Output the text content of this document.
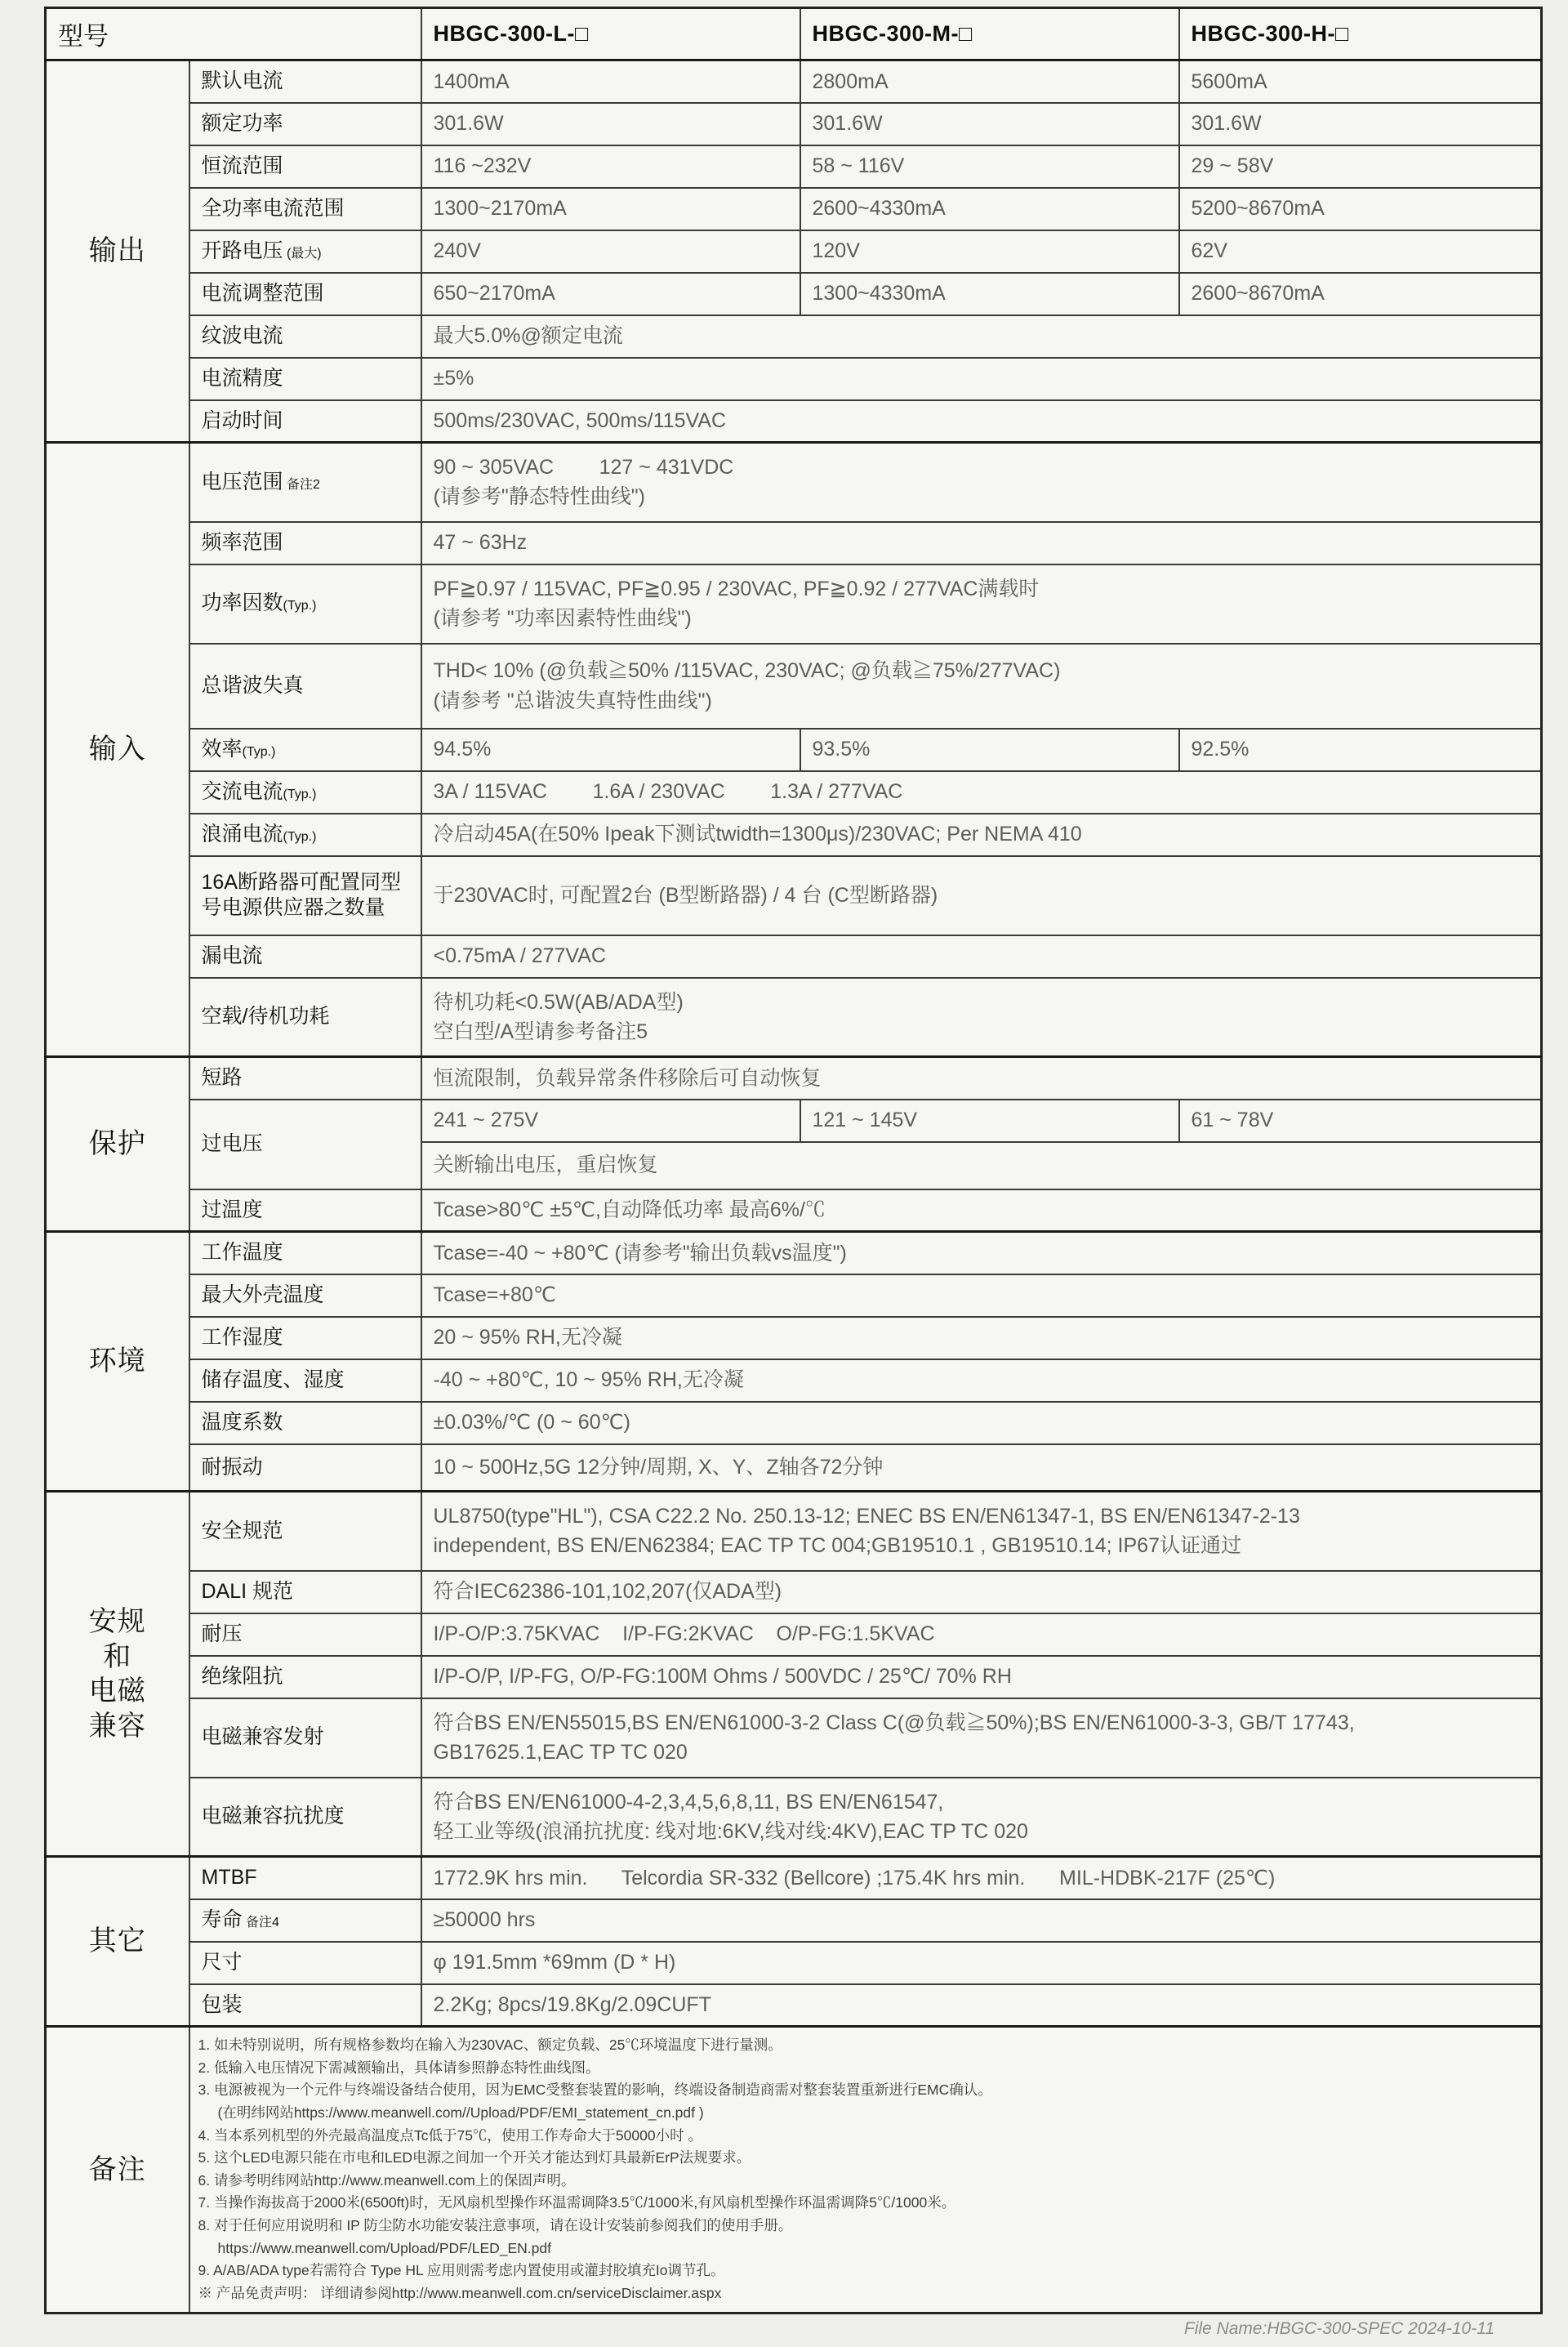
型号		HBGC-300-L-□	HBGC-300-M-□	HBGC-300-H-□
输出	默认电流	1400mA	2800mA	5600mA
	额定功率	301.6W	301.6W	301.6W
	恒流范围	116 ~232V	58 ~ 116V	29 ~ 58V
	全功率电流范围	1300~2170mA	2600~4330mA	5200~8670mA
	开路电压 (最大)	240V	120V	62V
	电流调整范围	650~2170mA	1300~4330mA	2600~8670mA
	纹波电流	最大5.0%@额定电流		
	电流精度	±5%		
	启动时间	500ms/230VAC, 500ms/115VAC		
输入	电压范围 备注2	90 ~ 305VAC        127 ~ 431VDC
(请参考"静态特性曲线")		
	频率范围	47 ~ 63Hz		
	功率因数(Typ.)	PF≧0.97 / 115VAC, PF≧0.95 / 230VAC, PF≧0.92 / 277VAC满载时
(请参考 "功率因素特性曲线")		
	总谐波失真	THD< 10% (@负载≧50% /115VAC, 230VAC; @负载≧75%/277VAC)
(请参考 "总谐波失真特性曲线")		
	效率(Typ.)	94.5%	93.5%	92.5%
	交流电流(Typ.)	3A / 115VAC        1.6A / 230VAC        1.3A / 277VAC		
	浪涌电流(Typ.)	冷启动45A(在50% Ipeak下测试twidth=1300μs)/230VAC; Per NEMA 410		
	16A断路器可配置同型号电源供应器之数量	于230VAC时, 可配置2台 (B型断路器) / 4 台 (C型断路器)		
	漏电流	<0.75mA / 277VAC		
	空载/待机功耗	待机功耗<0.5W(AB/ADA型)
空白型/A型请参考备注5		
保护	短路	恒流限制，负载异常条件移除后可自动恢复		
	过电压	241 ~ 275V	121 ~ 145V	61 ~ 78V
		关断输出电压，重启恢复		
	过温度	Tcase>80℃ ±5℃,自动降低功率 最高6%/℃		
环境	工作温度	Tcase=-40 ~ +80℃ (请参考"输出负载vs温度")		
	最大外壳温度	Tcase=+80℃		
	工作湿度	20 ~ 95% RH,无冷凝		
	储存温度、湿度	-40 ~ +80℃, 10 ~ 95% RH,无冷凝		
	温度系数	±0.03%/℃ (0 ~ 60℃)		
	耐振动	10 ~ 500Hz,5G 12分钟/周期, X、Y、Z轴各72分钟		
安规
和
电磁
兼容	安全规范	UL8750(type"HL"), CSA C22.2 No. 250.13-12; ENEC BS EN/EN61347-1, BS EN/EN61347-2-13
independent, BS EN/EN62384; EAC TP TC 004;GB19510.1 , GB19510.14; IP67认证通过		
	DALI 规范	符合IEC62386-101,102,207(仅ADA型)		
	耐压	I/P-O/P:3.75KVAC    I/P-FG:2KVAC    O/P-FG:1.5KVAC		
	绝缘阻抗	I/P-O/P, I/P-FG, O/P-FG:100M Ohms / 500VDC / 25℃/ 70% RH		
	电磁兼容发射	符合BS EN/EN55015,BS EN/EN61000-3-2 Class C(@负载≧50%);BS EN/EN61000-3-3, GB/T 17743,
GB17625.1,EAC TP TC 020		
	电磁兼容抗扰度	符合BS EN/EN61000-4-2,3,4,5,6,8,11, BS EN/EN61547,
轻工业等级(浪涌抗扰度: 线对地:6KV,线对线:4KV),EAC TP TC 020		
其它	MTBF	1772.9K hrs min.      Telcordia SR-332 (Bellcore) ;175.4K hrs min.      MIL-HDBK-217F (25℃)		
	寿命 备注4	≥50000 hrs		
	尺寸	φ 191.5mm *69mm (D * H)		
	包装	2.2Kg; 8pcs/19.8Kg/2.09CUFT		
备注	
1. 如未特别说明，所有规格参数均在输入为230VAC、额定负载、25℃环境温度下进行量测。
2. 低输入电压情况下需减额输出，具体请参照静态特性曲线图。
3. 电源被视为一个元件与终端设备结合使用，因为EMC受整套装置的影响，终端设备制造商需对整套装置重新进行EMC确认。
(在明纬网站https://www.meanwell.com//Upload/PDF/EMI_statement_cn.pdf )
4. 当本系列机型的外壳最高温度点Tc低于75℃，使用工作寿命大于50000小时 。
5. 这个LED电源只能在市电和LED电源之间加一个开关才能达到灯具最新ErP法规要求。
6. 请参考明纬网站http://www.meanwell.com上的保固声明。
7. 当操作海拔高于2000米(6500ft)时，无风扇机型操作环温需调降3.5℃/1000米,有风扇机型操作环温需调降5℃/1000米。
8. 对于任何应用说明和 IP 防尘防水功能安装注意事项，请在设计安装前参阅我们的使用手册。
https://www.meanwell.com/Upload/PDF/LED_EN.pdf
9. A/AB/ADA type若需符合 Type HL 应用则需考虑内置使用或灌封胶填充Io调节孔。
※ 产品免责声明： 详细请参阅http://www.meanwell.com.cn/serviceDisclaimer.aspx
File Name:HBGC-300-SPEC 2024-10-11
